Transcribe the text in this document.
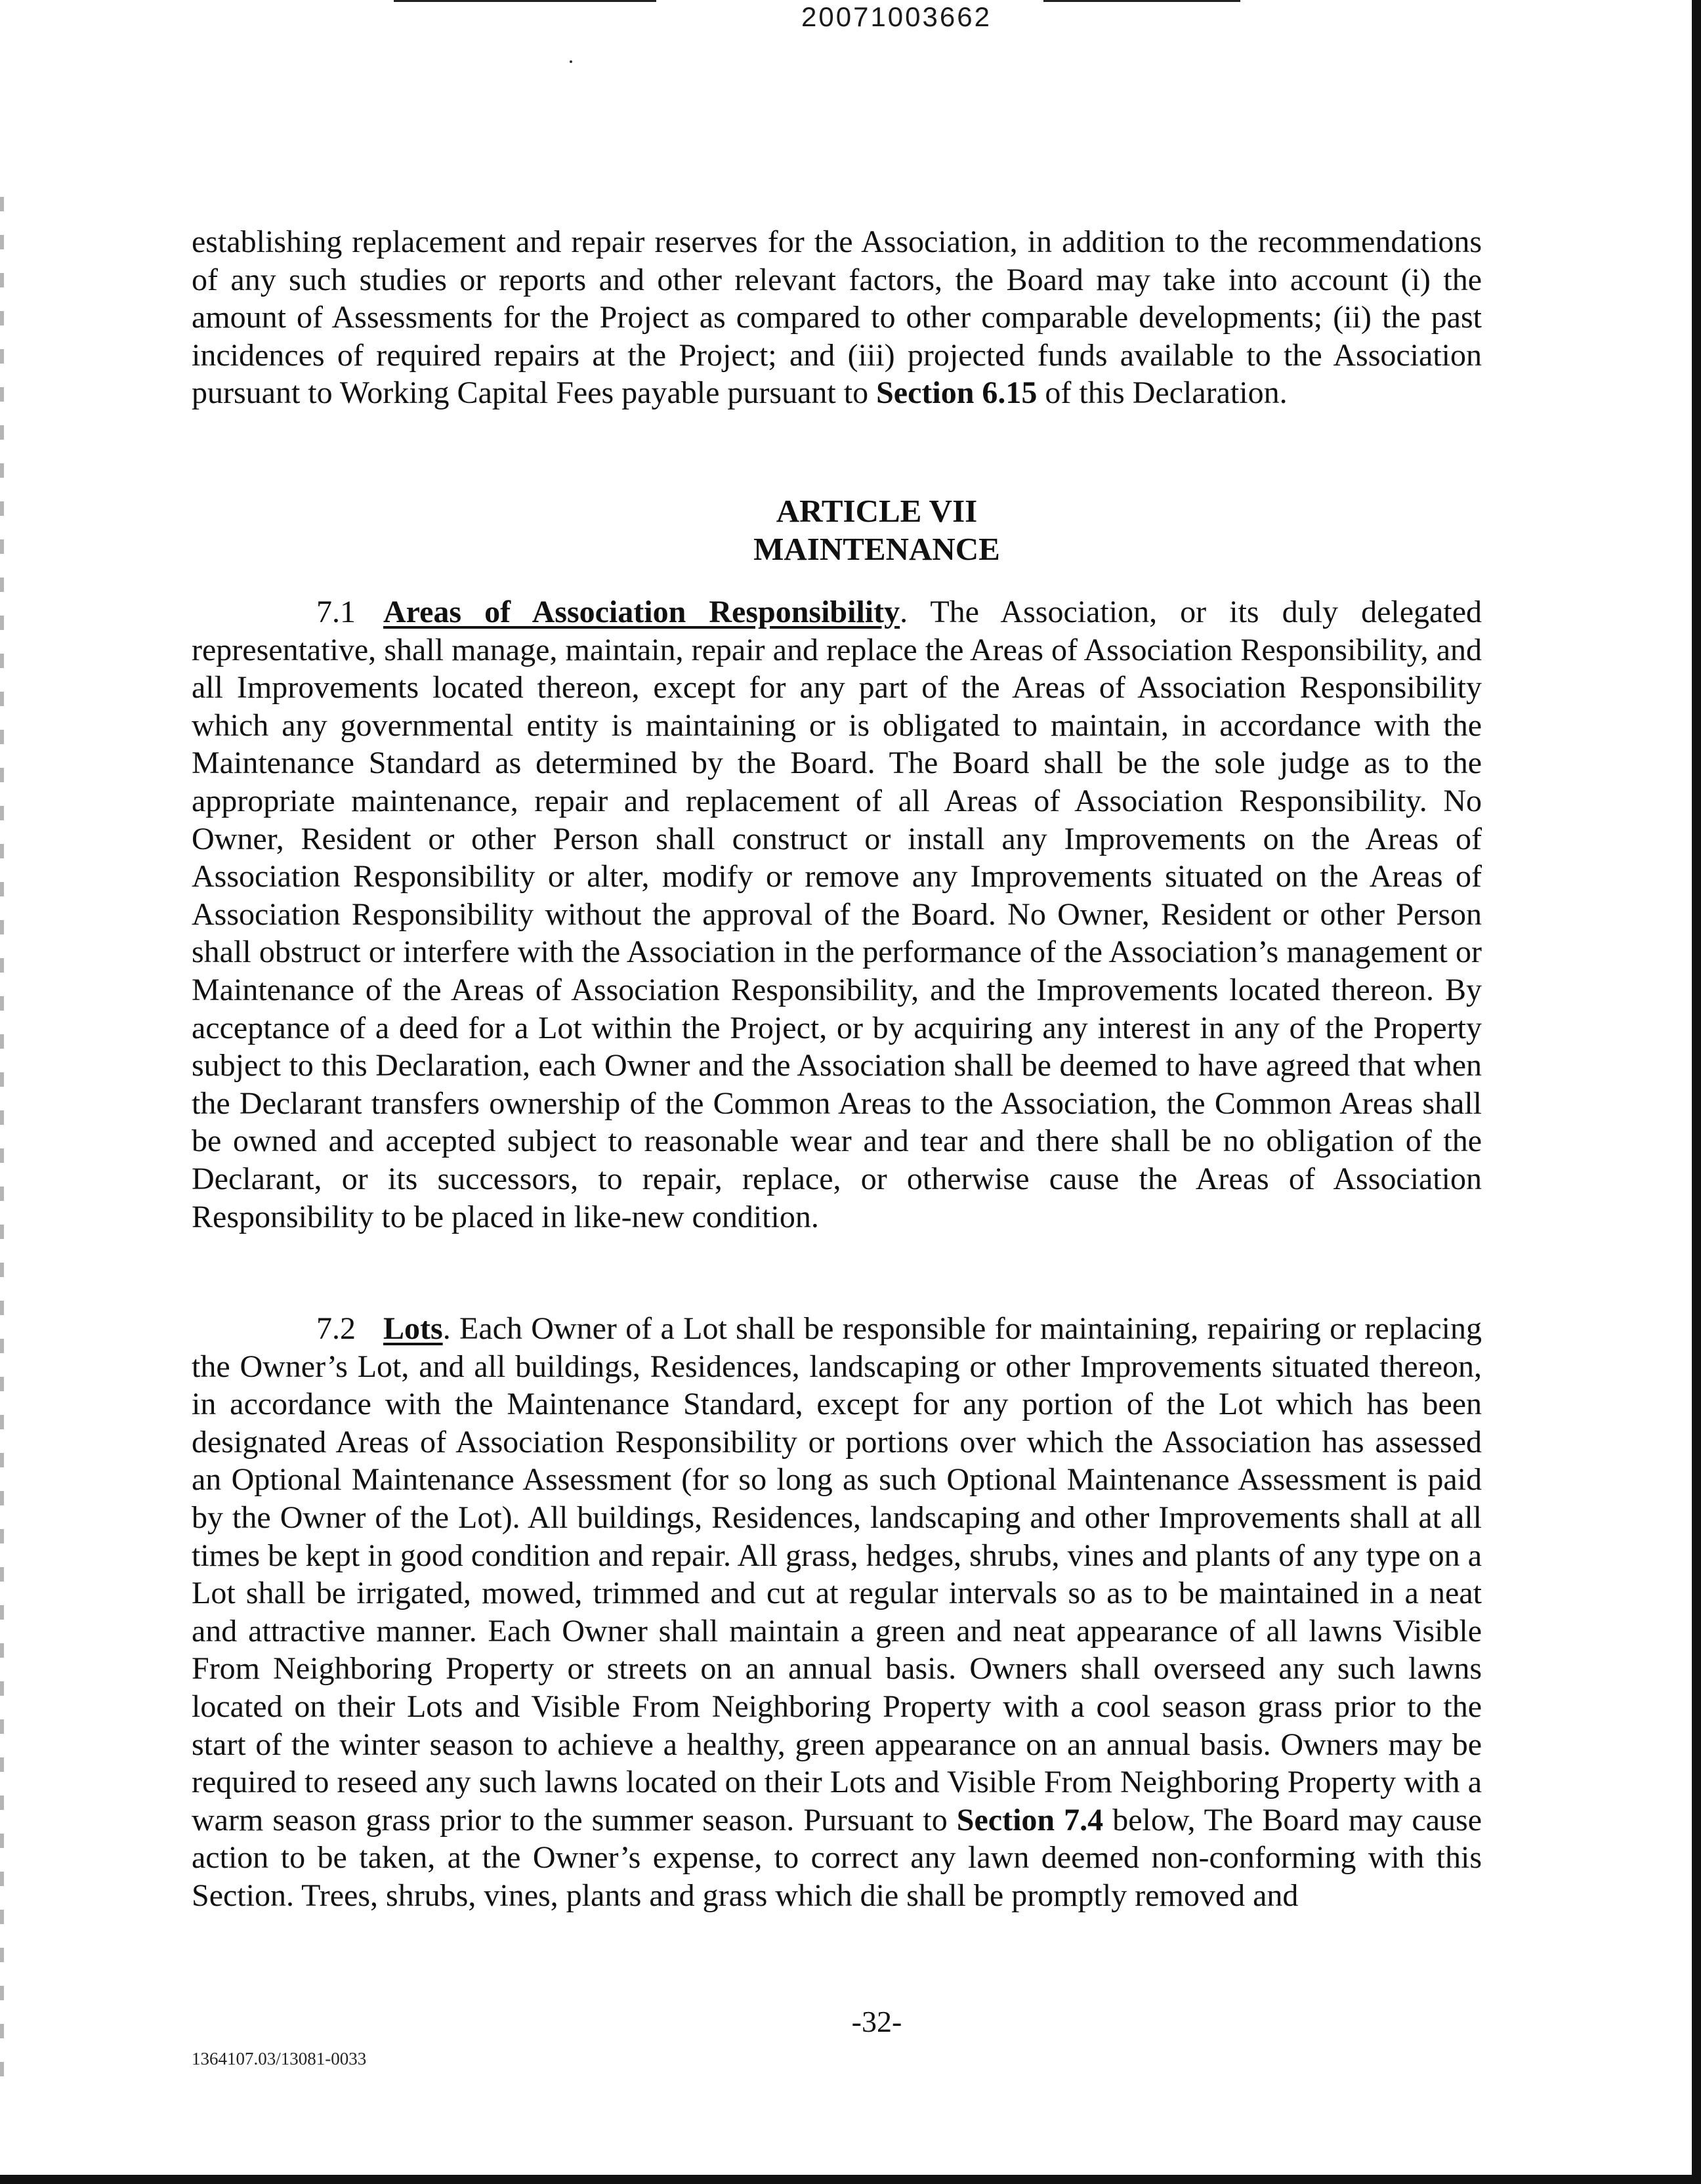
20071003662

establishing replacement and repair reserves for the Association, in addition to the recommendations of any such studies or reports and other relevant factors, the Board may take into account (i) the amount of Assessments for the Project as compared to other comparable developments; (ii) the past incidences of required repairs at the Project; and (iii) projected funds available to the Association pursuant to Working Capital Fees payable pursuant to Section 6.15 of this Declaration.

ARTICLE VII
MAINTENANCE

7.1 Areas of Association Responsibility. The Association, or its duly delegated representative, shall manage, maintain, repair and replace the Areas of Association Responsibility, and all Improvements located thereon, except for any part of the Areas of Association Responsibility which any governmental entity is maintaining or is obligated to maintain, in accordance with the Maintenance Standard as determined by the Board. The Board shall be the sole judge as to the appropriate maintenance, repair and replacement of all Areas of Association Responsibility. No Owner, Resident or other Person shall construct or install any Improvements on the Areas of Association Responsibility or alter, modify or remove any Improvements situated on the Areas of Association Responsibility without the approval of the Board. No Owner, Resident or other Person shall obstruct or interfere with the Association in the performance of the Association’s management or Maintenance of the Areas of Association Responsibility, and the Improvements located thereon. By acceptance of a deed for a Lot within the Project, or by acquiring any interest in any of the Property subject to this Declaration, each Owner and the Association shall be deemed to have agreed that when the Declarant transfers ownership of the Common Areas to the Association, the Common Areas shall be owned and accepted subject to reasonable wear and tear and there shall be no obligation of the Declarant, or its successors, to repair, replace, or otherwise cause the Areas of Association Responsibility to be placed in like-new condition.

7.2 Lots. Each Owner of a Lot shall be responsible for maintaining, repairing or replacing the Owner’s Lot, and all buildings, Residences, landscaping or other Improvements situated thereon, in accordance with the Maintenance Standard, except for any portion of the Lot which has been designated Areas of Association Responsibility or portions over which the Association has assessed an Optional Maintenance Assessment (for so long as such Optional Maintenance Assessment is paid by the Owner of the Lot). All buildings, Residences, landscaping and other Improvements shall at all times be kept in good condition and repair. All grass, hedges, shrubs, vines and plants of any type on a Lot shall be irrigated, mowed, trimmed and cut at regular intervals so as to be maintained in a neat and attractive manner. Each Owner shall maintain a green and neat appearance of all lawns Visible From Neighboring Property or streets on an annual basis. Owners shall overseed any such lawns located on their Lots and Visible From Neighboring Property with a cool season grass prior to the start of the winter season to achieve a healthy, green appearance on an annual basis. Owners may be required to reseed any such lawns located on their Lots and Visible From Neighboring Property with a warm season grass prior to the summer season. Pursuant to Section 7.4 below, The Board may cause action to be taken, at the Owner’s expense, to correct any lawn deemed non-conforming with this Section. Trees, shrubs, vines, plants and grass which die shall be promptly removed and

-32-
1364107.03/13081-0033
